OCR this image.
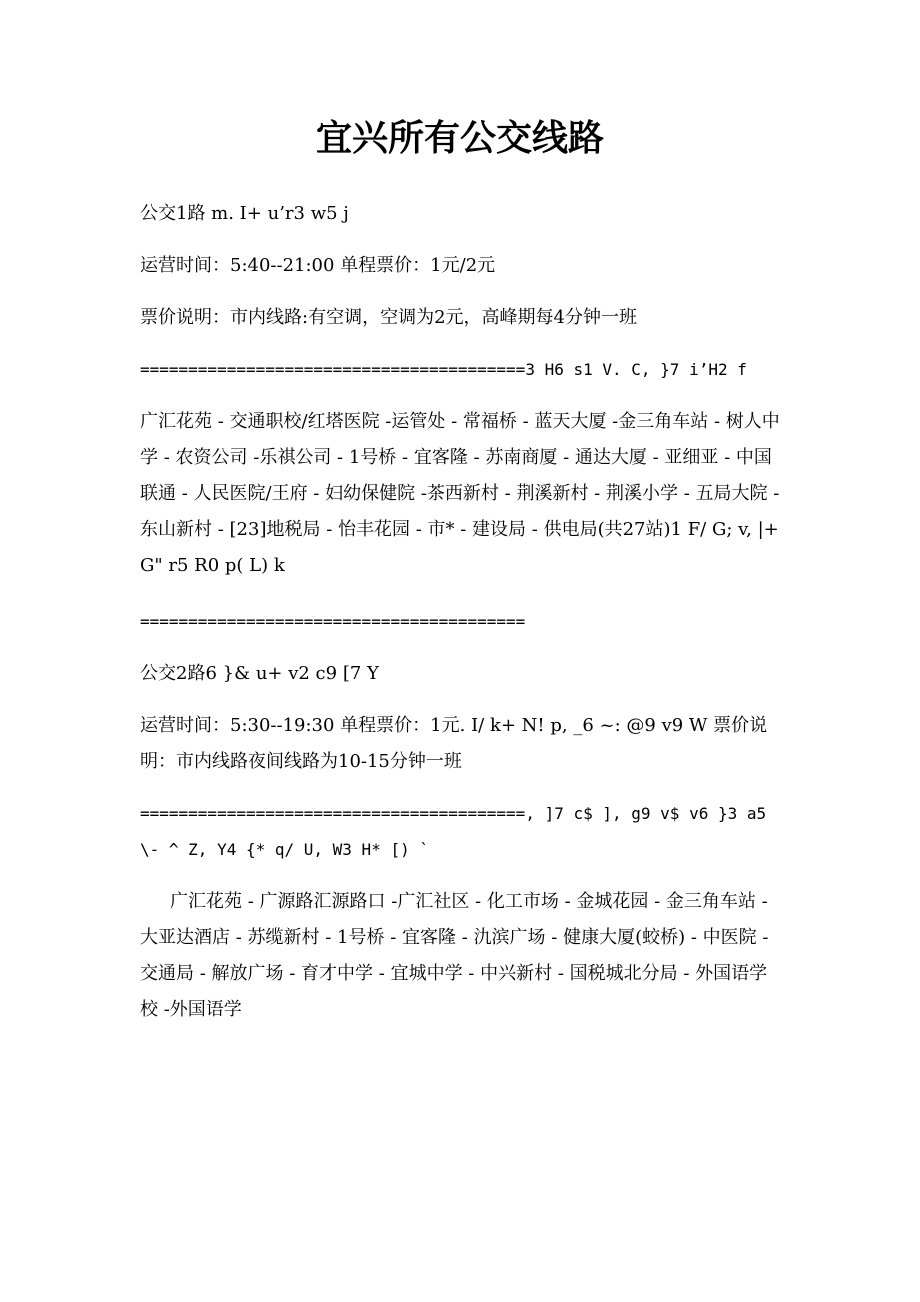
宜兴所有公交线路

公交1路 m. I+ u’r3 w5 j

运营时间：5:40--21:00 单程票价：1元/2元

票价说明：市内线路:有空调，空调为2元，高峰期每4分钟一班

========================================3 H6 s1 V. C, }7 i’H2 f

广汇花苑 - 交通职校/红塔医院 -运管处 - 常福桥 - 蓝天大厦 -金三角车站 - 树人中学 - 农资公司 -乐祺公司 - 1号桥 - 宜客隆 - 苏南商厦 - 通达大厦 - 亚细亚 - 中国联通 - 人民医院/王府 - 妇幼保健院 -茶西新村 - 荆溪新村 - 荆溪小学 - 五局大院 -东山新村 - [23]地税局 - 怡丰花园 - 市* - 建设局 - 供电局(共27站)1 F/ G; v, |+ G" r5 R0 p( L) k

========================================

公交2路6 }& u+ v2 c9 [7 Y

运营时间：5:30--19:30 单程票价：1元. I/ k+ N! p, _6 ~: @9 v9 W 票价说明：市内线路夜间线路为10-15分钟一班

========================================, ]7 c$ ], g9 v$ v6 }3 a5 \- ^ Z, Y4 {* q/ U, W3 H* [) `

广汇花苑 - 广源路汇源路口 -广汇社区 - 化工市场 - 金城花园 - 金三角车站 - 大亚达酒店 - 苏缆新村 - 1号桥 - 宜客隆 - 氿滨广场 - 健康大厦(蛟桥) - 中医院 -交通局 - 解放广场 - 育才中学 - 宜城中学 - 中兴新村 - 国税城北分局 - 外国语学校 -外国语学
